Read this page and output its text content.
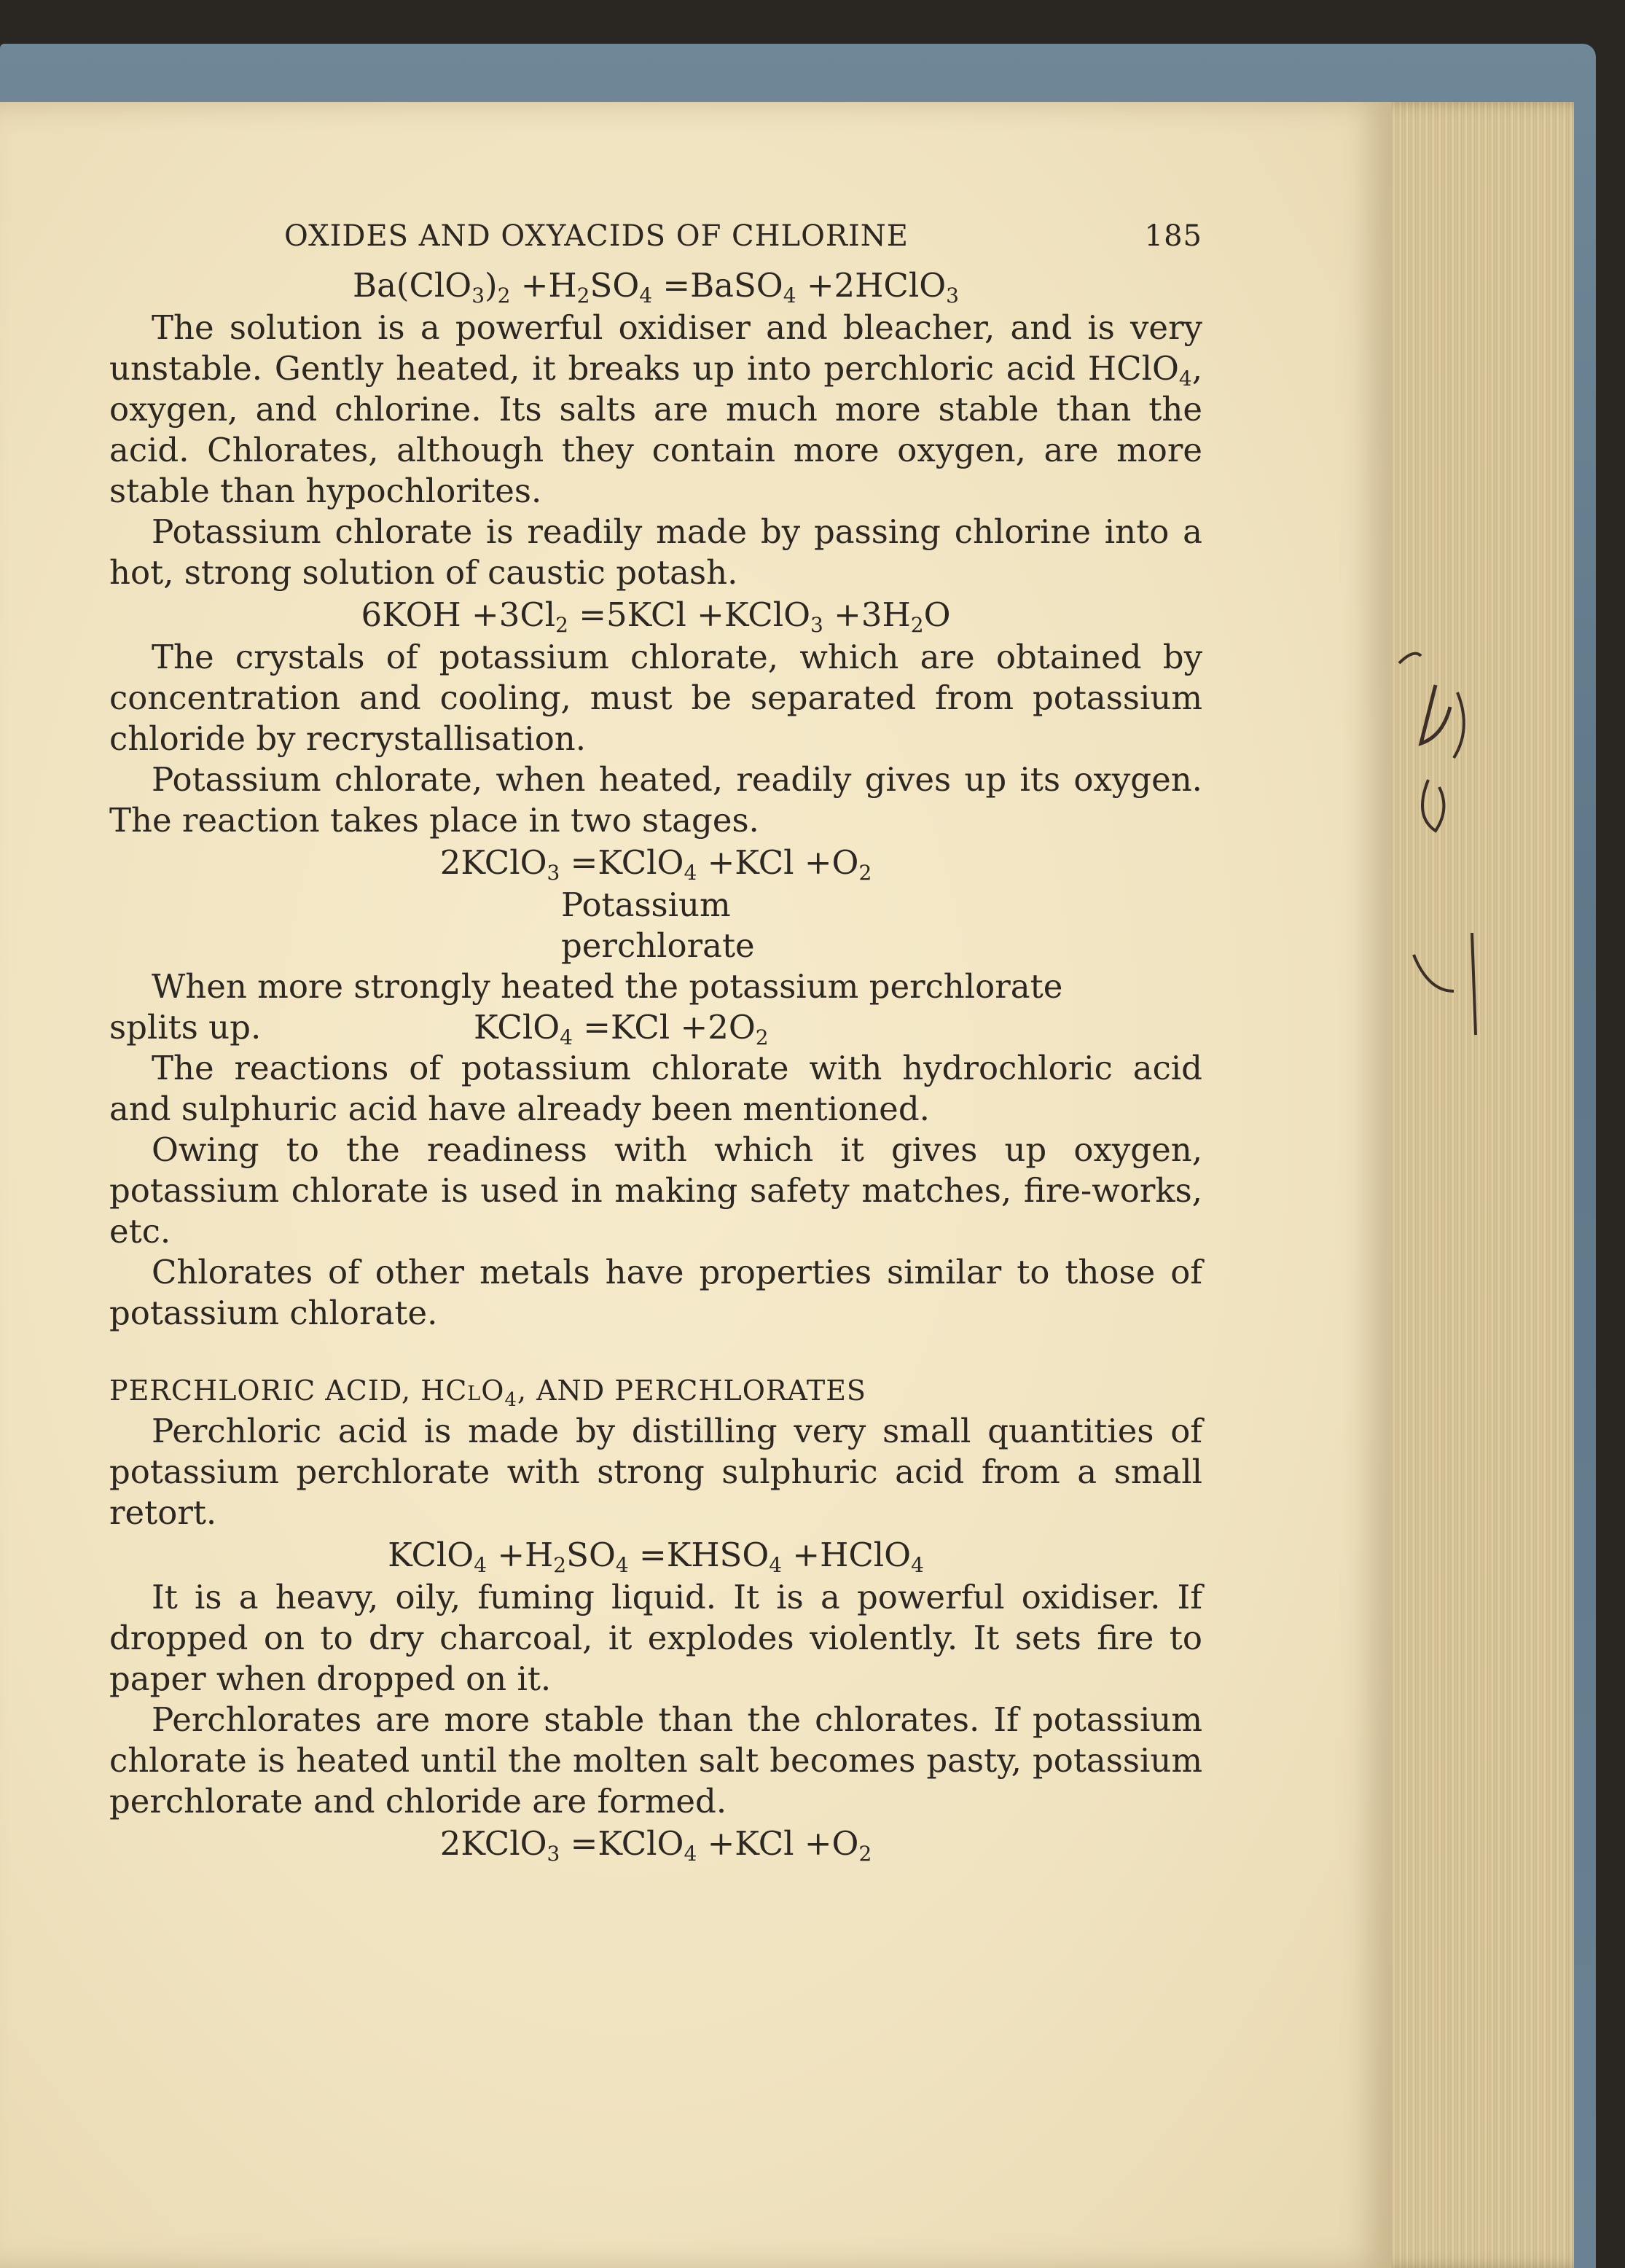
OXIDES AND OXYACIDS OF CHLORINE	185
$Ba(ClO_3)_2 +H_2SO_4$ =BaSO$_4$ +2HClO$_3$

The solution is a powerful oxidiser and bleacher, and is very unstable. Gently heated, it breaks up into perchloric acid HClO$_4$, oxygen, and chlorine. Its salts are much more stable than the acid. Chlorates, although they contain more oxygen, are more stable than hypochlorites.

Potassium chlorate is readily made by passing chlorine into a hot, strong solution of caustic potash.

$6KOH +3Cl_2 =5KCl$ +KClO$_3$ $+3H_2O$

The crystals of potassium chlorate, which are obtained by concentration and cooling, must be separated from potassium chloride by recrystallisation.

Potassium chlorate, when heated, readily gives up its oxygen. The reaction takes place in two stages.

2KClO$_3$ =KClO$_4$ $+KCl +O_2$
Potassium
perchlorate

When more strongly heated the potassium perchlorate

splits up.	KClO$_4$ $=KCl +2O_2$

The reactions of potassium chlorate with hydrochloric acid and sulphuric acid have already been mentioned.

Owing to the readiness with which it gives up oxygen, potassium chlorate is used in making safety matches, fire-works, etc.

Chlorates of other metals have properties similar to those of potassium chlorate.

PERCHLORIC ACID, HClO$_4$, AND PERCHLORATES

Perchloric acid is made by distilling very small quantities of potassium perchlorate with strong sulphuric acid from a small retort.

KClO$_4$ $+H_2SO_4$ $=KHSO_4$ +HClO$_4$

It is a heavy, oily, fuming liquid. It is a powerful oxidiser. If dropped on to dry charcoal, it explodes violently. It sets fire to paper when dropped on it.

Perchlorates are more stable than the chlorates. If potassium chlorate is heated until the molten salt becomes pasty, potassium perchlorate and chloride are formed.

2KClO$_3$ =KClO$_4$ $+KCl +O_2$
